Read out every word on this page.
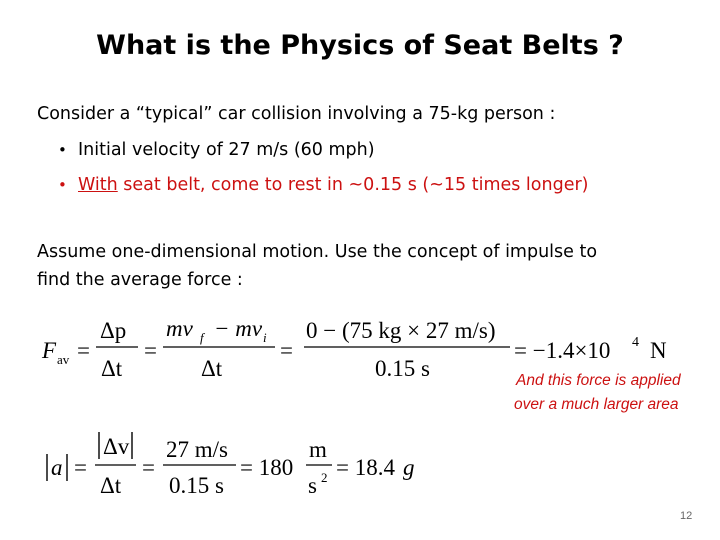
What is the Physics of Seat Belts ?
Consider a “typical” car collision involving a 75-kg person :
• Initial velocity of 27 m/s (60 mph)
• With seat belt, come to rest in ~0.15 s (~15 times longer)
Assume one-dimensional motion. Use the concept of impulse to
find the average force :
F av =
Δp
Δt
=
mv f − mv i
Δt
=
0 − (75 kg × 27 m/s)
0.15 s
= −1.4×10 4 N
And this force is applied
over a much larger area
a =
Δv
Δt
=
27 m/s
0.15 s
= 180
m
s 2 = 18.4 g
12
